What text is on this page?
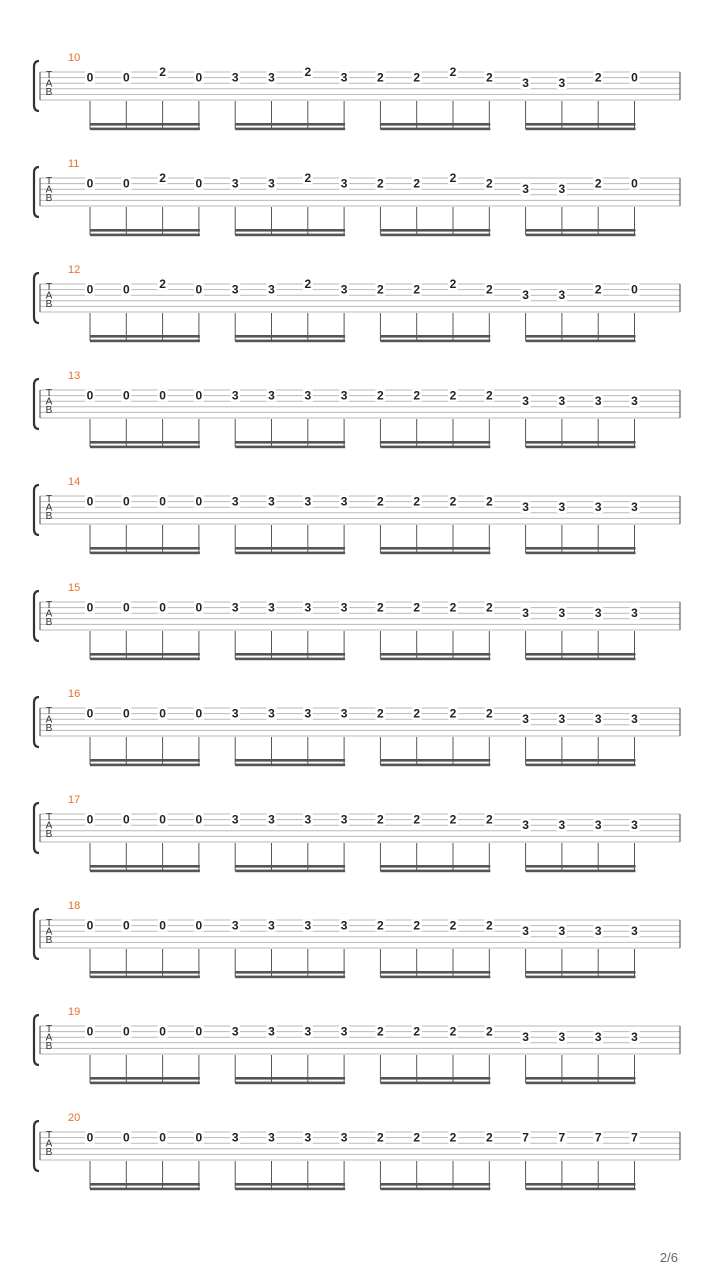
T
A
B
10
0 0 2 0 3 3 2 3 2 2 2 2 3 3 2 0
T
A
B
11
0 0 2 0 3 3 2 3 2 2 2 2 3 3 2 0
T
A
B
12
0 0 2 0 3 3 2 3 2 2 2 2 3 3 2 0
T
A
B
13
0 0 0 0 3 3 3 3 2 2 2 2 3 3 3 3
T
A
B
14
0 0 0 0 3 3 3 3 2 2 2 2 3 3 3 3
T
A
B
15
0 0 0 0 3 3 3 3 2 2 2 2 3 3 3 3
T
A
B
16
0 0 0 0 3 3 3 3 2 2 2 2 3 3 3 3
T
A
B
17
0 0 0 0 3 3 3 3 2 2 2 2 3 3 3 3
T
A
B
18
0 0 0 0 3 3 3 3 2 2 2 2 3 3 3 3
T
A
B
19
0 0 0 0 3 3 3 3 2 2 2 2 3 3 3 3
T
A
B
20
0 0 0 0 3 3 3 3 2 2 2 2 7 7 7 7
2/6
